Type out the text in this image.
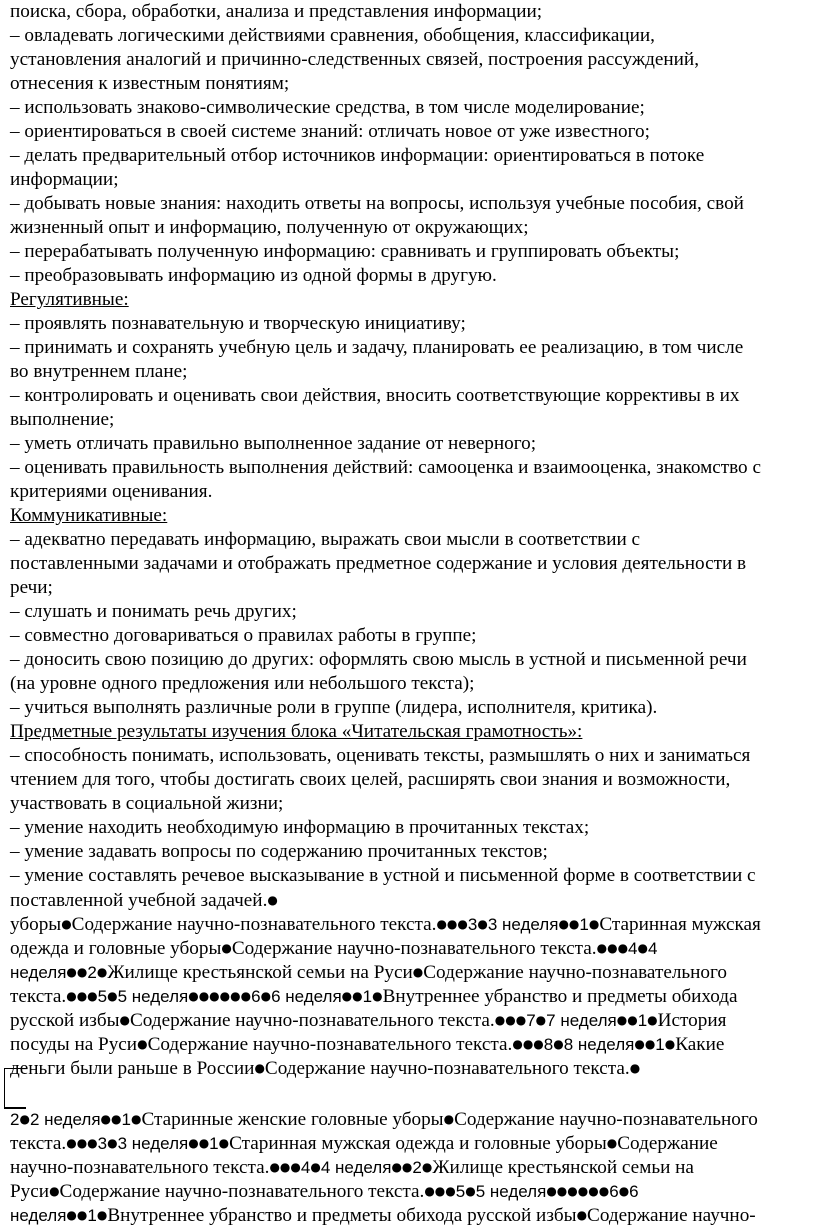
поиска, сбора, обработки, анализа и представления информации;
– овладевать логическими действиями сравнения, обобщения, классификации,
установления аналогий и причинно-следственных связей, построения рассуждений,
отнесения к известным понятиям;
– использовать знаково-символические средства, в том числе моделирование;
– ориентироваться в своей системе знаний: отличать новое от уже известного;
– делать предварительный отбор источников информации: ориентироваться в потоке
информации;
– добывать новые знания: находить ответы на вопросы, используя учебные пособия, свой
жизненный опыт и информацию, полученную от окружающих;
– перерабатывать полученную информацию: сравнивать и группировать объекты;
– преобразовывать информацию из одной формы в другую.
Регулятивные:
– проявлять познавательную и творческую инициативу;
– принимать и сохранять учебную цель и задачу, планировать ее реализацию, в том числе
во внутреннем плане;
– контролировать и оценивать свои действия, вносить соответствующие коррективы в их
выполнение;
– уметь отличать правильно выполненное задание от неверного;
– оценивать правильность выполнения действий: самооценка и взаимооценка, знакомство с
критериями оценивания.
Коммуникативные:
– адекватно передавать информацию, выражать свои мысли в соответствии с
поставленными задачами и отображать предметное содержание и условия деятельности в
речи;
– слушать и понимать речь других;
– совместно договариваться о правилах работы в группе;
– доносить свою позицию до других: оформлять свою мысль в устной и письменной речи
(на уровне одного предложения или небольшого текста);
– учиться выполнять различные роли в группе (лидера, исполнителя, критика).
Предметные результаты изучения блока «Читательская грамотность»:
– способность понимать, использовать, оценивать тексты, размышлять о них и заниматься
чтением для того, чтобы достигать своих целей, расширять свои знания и возможности,
участвовать в социальной жизни;
– умение находить необходимую информацию в прочитанных текстах;
– умение задавать вопросы по содержанию прочитанных текстов;
– умение составлять речевое высказывание в устной и письменной форме в соответствии с
поставленной учебной задачей.●
уборы●Содержание научно-познавательного текста.●●●3●3 неделя●●1●Старинная мужская
одежда и головные уборы●Содержание научно-познавательного текста.●●●4●4
неделя●●2●Жилище крестьянской семьи на Руси●Содержание научно-познавательного
текста.●●●5●5 неделя●●●●●●6●6 неделя●●1●Внутреннее убранство и предметы обихода
русской избы●Содержание научно-познавательного текста.●●●7●7 неделя●●1●История
посуды на Руси●Содержание научно-познавательного текста.●●●8●8 неделя●●1●Какие
деньги были раньше в России●Содержание научно-познавательного текста.●
2●2 неделя●●1●Старинные женские головные уборы●Содержание научно-познавательного
текста.●●●3●3 неделя●●1●Старинная мужская одежда и головные уборы●Содержание
научно-познавательного текста.●●●4●4 неделя●●2●Жилище крестьянской семьи на
Руси●Содержание научно-познавательного текста.●●●5●5 неделя●●●●●●6●6
неделя●●1●Внутреннее убранство и предметы обихода русской избы●Содержание научно-
